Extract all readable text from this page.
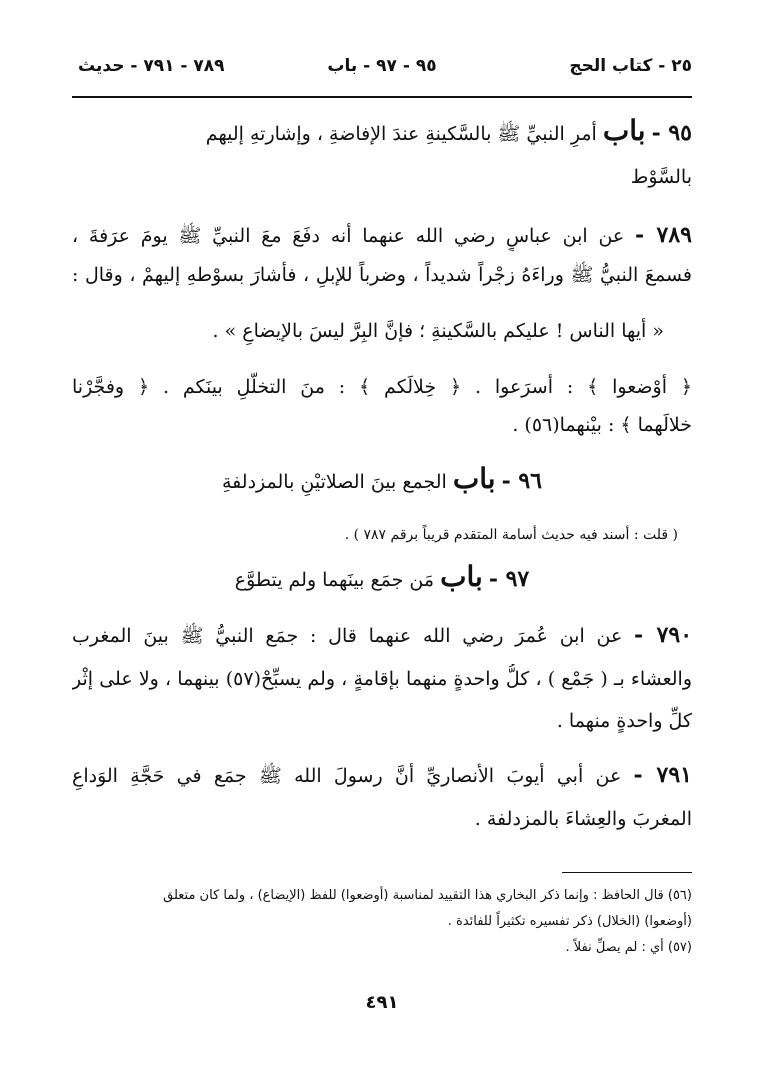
٢٥ - كتاب الحج
٩٥ - ٩٧ - باب
٧٨٩ - ٧٩١ - حديث
٩٥ - باب أمرِ النبيِّ ﷺ بالسَّكينةِ عندَ الإفاضةِ ، وإشارتهِ إليهم
بالسَّوْط
٧٨٩ - عن ابن عباسٍ رضي الله عنهما أنه دفَعَ معَ النبيِّ ﷺ يومَ عرَفةَ ،
فسمعَ النبيُّ ﷺ وراءَهُ زجْراً شديداً ، وضرباً للإبلِ ، فأشارَ بسوْطهِ إليهمْ ، وقال :
« أيها الناس ! عليكم بالسَّكينةِ ؛ فإنَّ البِرَّ ليسَ بالإيضاعِ » .
﴿ أوْضعوا ﴾ : أسرَعوا . ﴿ خِلالَكم ﴾ : منَ التخلُّلِ بينَكم . ﴿ وفجَّرْنا
خلالَهما ﴾ : بيْنهما(٥٦) .
٩٦ - باب الجمع بينَ الصلاتيْنِ بالمزدلفةِ
( قلت : أسند فيه حديث أسامة المتقدم قريباً برقم ٧٨٧ ) .
٩٧ - باب مَن جمَع بينَهما ولم يتطوَّع
٧٩٠ - عن ابن عُمرَ رضي الله عنهما قال : جمَع النبيُّ ﷺ بينَ المغرب
والعشاء بـ ( جَمْع ) ، كلُّ واحدةٍ منهما بإقامةٍ ، ولم يسبِّحْ(٥٧) بينهما ، ولا على إثْر
كلِّ واحدةٍ منهما .
٧٩١ - عن أبي أيوبَ الأنصاريِّ أنَّ رسولَ الله ﷺ جمَع في حَجَّةِ الوَداعِ
المغربَ والعِشاءَ بالمزدلفة .
(٥٦) قال الحافظ : وإنما ذكر البخاري هذا التقييد لمناسبة (أوضعوا) للفظ (الإيضاع) ، ولما كان متعلق
(أوضعوا) (الخلال) ذكر تفسيره تكثيراً للفائدة .
(٥٧) أي : لم يصلِّ نفلاً .
٤٩١
